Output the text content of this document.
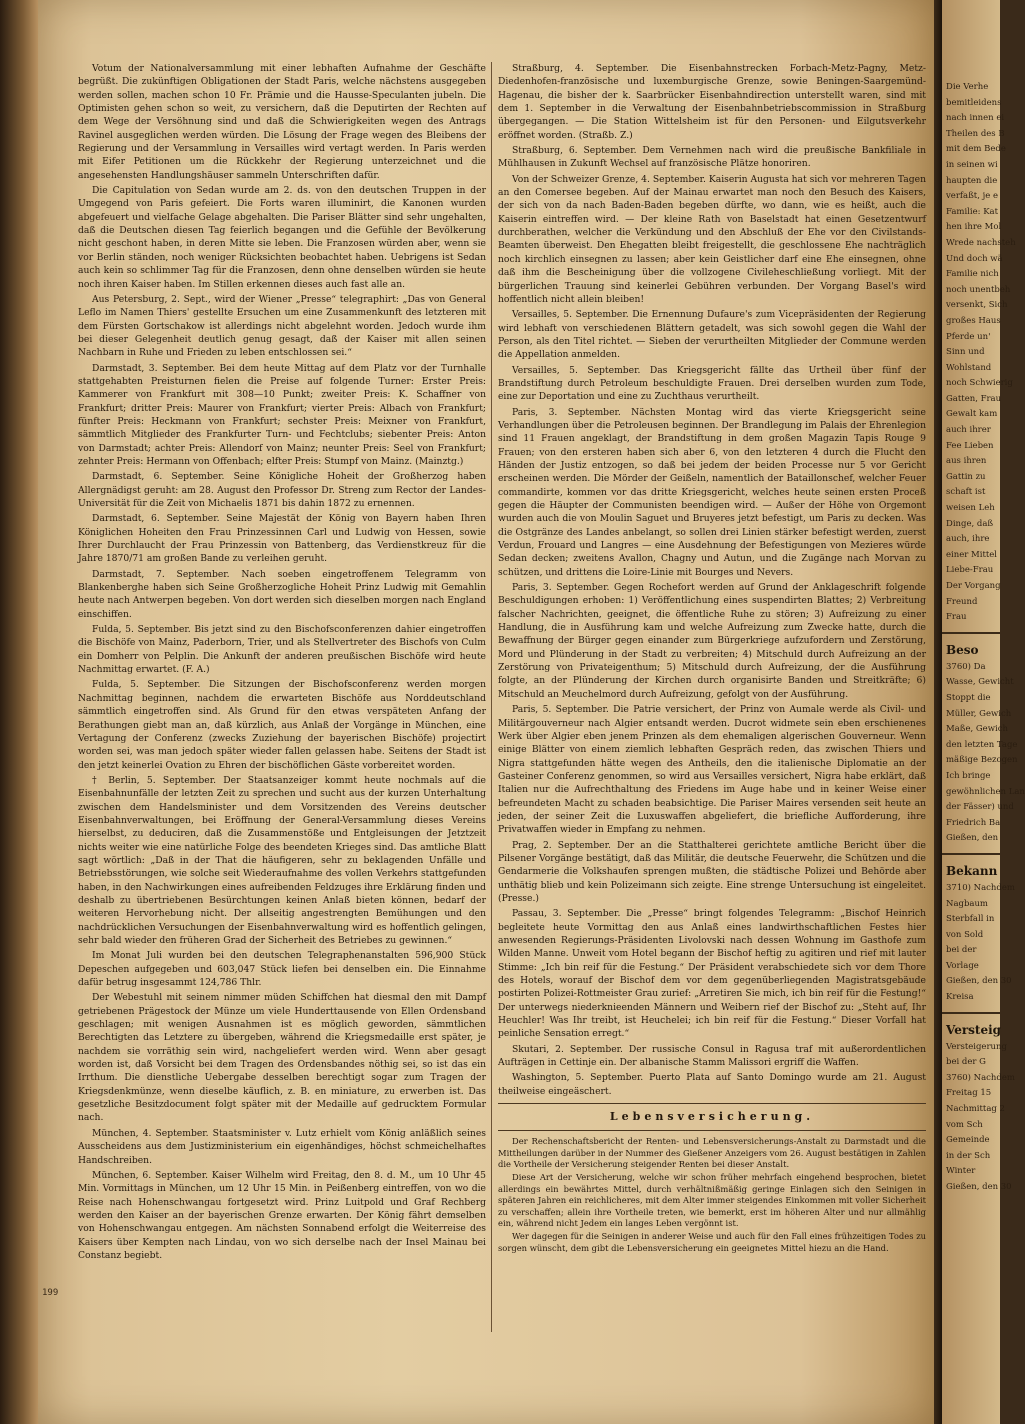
199

Votum der Nationalversammlung mit einer lebhaften Aufnahme der Geschäfte begrüßt. Die zukünftigen Obligationen der Stadt Paris, welche nächstens ausgegeben werden sollen, machen schon 10 Fr. Prämie und die Hausse-Speculanten jubeln. Die Optimisten gehen schon so weit, zu versichern, daß die Deputirten der Rechten auf dem Wege der Versöhnung sind und daß die Schwierigkeiten wegen des Antrags Ravinel ausgeglichen werden würden. Die Lösung der Frage wegen des Bleibens der Regierung und der Versammlung in Versailles wird vertagt werden. In Paris werden mit Eifer Petitionen um die Rückkehr der Regierung unterzeichnet und die angesehensten Handlungshäuser sammeln Unterschriften dafür.

Die Capitulation von Sedan wurde am 2. ds. von den deutschen Truppen in der Umgegend von Paris gefeiert. Die Forts waren illuminirt, die Kanonen wurden abgefeuert und vielfache Gelage abgehalten. Die Pariser Blätter sind sehr ungehalten, daß die Deutschen diesen Tag feierlich begangen und die Gefühle der Bevölkerung nicht geschont haben, in deren Mitte sie leben. Die Franzosen würden aber, wenn sie vor Berlin ständen, noch weniger Rücksichten beobachtet haben. Uebrigens ist Sedan auch kein so schlimmer Tag für die Franzosen, denn ohne denselben würden sie heute noch ihren Kaiser haben. Im Stillen erkennen dieses auch fast alle an.

Aus Petersburg, 2. Sept., wird der Wiener „Presse“ telegraphirt: „Das von General Leflo im Namen Thiers' gestellte Ersuchen um eine Zusammenkunft des letzteren mit dem Fürsten Gortschakow ist allerdings nicht abgelehnt worden. Jedoch wurde ihm bei dieser Gelegenheit deutlich genug gesagt, daß der Kaiser mit allen seinen Nachbarn in Ruhe und Frieden zu leben entschlossen sei.“

Darmstadt, 3. September. Bei dem heute Mittag auf dem Platz vor der Turnhalle stattgehabten Preisturnen fielen die Preise auf folgende Turner: Erster Preis: Kammerer von Frankfurt mit 308—10 Punkt; zweiter Preis: K. Schaffner von Frankfurt; dritter Preis: Maurer von Frankfurt; vierter Preis: Albach von Frankfurt; fünfter Preis: Heckmann von Frankfurt; sechster Preis: Meixner von Frankfurt, sämmtlich Mitglieder des Frankfurter Turn- und Fechtclubs; siebenter Preis: Anton von Darmstadt; achter Preis: Allendorf von Mainz; neunter Preis: Seel von Frankfurt; zehnter Preis: Hermann von Offenbach; elfter Preis: Stumpf von Mainz. (Mainztg.)

Darmstadt, 6. September. Seine Königliche Hoheit der Großherzog haben Allergnädigst geruht: am 28. August den Professor Dr. Streng zum Rector der Landes-Universität für die Zeit von Michaelis 1871 bis dahin 1872 zu ernennen.

Darmstadt, 6. September. Seine Majestät der König von Bayern haben Ihren Königlichen Hoheiten den Frau Prinzessinnen Carl und Ludwig von Hessen, sowie Ihrer Durchlaucht der Frau Prinzessin von Battenberg, das Verdienstkreuz für die Jahre 1870/71 am großen Bande zu verleihen geruht.

Darmstadt, 7. September. Nach soeben eingetroffenem Telegramm von Blankenberghe haben sich Seine Großherzogliche Hoheit Prinz Ludwig mit Gemahlin heute nach Antwerpen begeben. Von dort werden sich dieselben morgen nach England einschiffen.

Fulda, 5. September. Bis jetzt sind zu den Bischofsconferenzen dahier eingetroffen die Bischöfe von Mainz, Paderborn, Trier, und als Stellvertreter des Bischofs von Culm ein Domherr von Pelplin. Die Ankunft der anderen preußischen Bischöfe wird heute Nachmittag erwartet. (F. A.)

Fulda, 5. September. Die Sitzungen der Bischofsconferenz werden morgen Nachmittag beginnen, nachdem die erwarteten Bischöfe aus Norddeutschland sämmtlich eingetroffen sind. Als Grund für den etwas verspäteten Anfang der Berathungen giebt man an, daß kürzlich, aus Anlaß der Vorgänge in München, eine Vertagung der Conferenz (zwecks Zuziehung der bayerischen Bischöfe) projectirt worden sei, was man jedoch später wieder fallen gelassen habe. Seitens der Stadt ist den jetzt keinerlei Ovation zu Ehren der bischöflichen Gäste vorbereitet worden.

† Berlin, 5. September. Der Staatsanzeiger kommt heute nochmals auf die Eisenbahnunfälle der letzten Zeit zu sprechen und sucht aus der kurzen Unterhaltung zwischen dem Handelsminister und dem Vorsitzenden des Vereins deutscher Eisenbahnverwaltungen, bei Eröffnung der General-Versammlung dieses Vereins hierselbst, zu deduciren, daß die Zusammenstöße und Entgleisungen der Jetztzeit nichts weiter wie eine natürliche Folge des beendeten Krieges sind. Das amtliche Blatt sagt wörtlich: „Daß in der That die häufigeren, sehr zu beklagenden Unfälle und Betriebsstörungen, wie solche seit Wiederaufnahme des vollen Verkehrs stattgefunden haben, in den Nachwirkungen eines aufreibenden Feldzuges ihre Erklärung finden und deshalb zu übertriebenen Besürchtungen keinen Anlaß bieten können, bedarf der weiteren Hervorhebung nicht. Der allseitig angestrengten Bemühungen und den nachdrücklichen Versuchungen der Eisenbahnverwaltung wird es hoffentlich gelingen, sehr bald wieder den früheren Grad der Sicherheit des Betriebes zu gewinnen.“

Im Monat Juli wurden bei den deutschen Telegraphenanstalten 596,900 Stück Depeschen aufgegeben und 603,047 Stück liefen bei denselben ein. Die Einnahme dafür betrug insgesammt 124,786 Thlr.

Der Webestuhl mit seinem nimmer müden Schiffchen hat diesmal den mit Dampf getriebenen Prägestock der Münze um viele Hunderttausende von Ellen Ordensband geschlagen; mit wenigen Ausnahmen ist es möglich geworden, sämmtlichen Berechtigten das Letztere zu übergeben, während die Kriegsmedaille erst später, je nachdem sie vorräthig sein wird, nachgeliefert werden wird. Wenn aber gesagt worden ist, daß Vorsicht bei dem Tragen des Ordensbandes nöthig sei, so ist das ein Irrthum. Die dienstliche Uebergabe desselben berechtigt sogar zum Tragen der Kriegsdenkmünze, wenn dieselbe käuflich, z. B. en miniature, zu erwerben ist. Das gesetzliche Besitzdocument folgt später mit der Medaille auf gedrucktem Formular nach.

München, 4. September. Staatsminister v. Lutz erhielt vom König anläßlich seines Ausscheidens aus dem Justizministerium ein eigenhändiges, höchst schmeichelhaftes Handschreiben.

München, 6. September. Kaiser Wilhelm wird Freitag, den 8. d. M., um 10 Uhr 45 Min. Vormittags in München, um 12 Uhr 15 Min. in Peißenberg eintreffen, von wo die Reise nach Hohenschwangau fortgesetzt wird. Prinz Luitpold und Graf Rechberg werden den Kaiser an der bayerischen Grenze erwarten. Der König fährt demselben von Hohenschwangau entgegen. Am nächsten Sonnabend erfolgt die Weiterreise des Kaisers über Kempten nach Lindau, von wo sich derselbe nach der Insel Mainau bei Constanz begiebt.

Straßburg, 4. September. Die Eisenbahnstrecken Forbach-Metz-Pagny, Metz-Diedenhofen-französische und luxemburgische Grenze, sowie Beningen-Saargemünd-Hagenau, die bisher der k. Saarbrücker Eisenbahndirection unterstellt waren, sind mit dem 1. September in die Verwaltung der Eisenbahnbetriebscommission in Straßburg übergegangen. — Die Station Wittelsheim ist für den Personen- und Eilgutsverkehr eröffnet worden. (Straßb. Z.)

Straßburg, 6. September. Dem Vernehmen nach wird die preußische Bankfiliale in Mühlhausen in Zukunft Wechsel auf französische Plätze honoriren.

Von der Schweizer Grenze, 4. September. Kaiserin Augusta hat sich vor mehreren Tagen an den Comersee begeben. Auf der Mainau erwartet man noch den Besuch des Kaisers, der sich von da nach Baden-Baden begeben dürfte, wo dann, wie es heißt, auch die Kaiserin eintreffen wird. — Der kleine Rath von Baselstadt hat einen Gesetzentwurf durchberathen, welcher die Verkündung und den Abschluß der Ehe vor den Civilstands-Beamten überweist. Den Ehegatten bleibt freigestellt, die geschlossene Ehe nachträglich noch kirchlich einsegnen zu lassen; aber kein Geistlicher darf eine Ehe einsegnen, ohne daß ihm die Bescheinigung über die vollzogene Civileheschließung vorliegt. Mit der bürgerlichen Trauung sind keinerlei Gebühren verbunden. Der Vorgang Basel's wird hoffentlich nicht allein bleiben!

Versailles, 5. September. Die Ernennung Dufaure's zum Vicepräsidenten der Regierung wird lebhaft von verschiedenen Blättern getadelt, was sich sowohl gegen die Wahl der Person, als den Titel richtet. — Sieben der verurtheilten Mitglieder der Commune werden die Appellation anmelden.

Versailles, 5. September. Das Kriegsgericht fällte das Urtheil über fünf der Brandstiftung durch Petroleum beschuldigte Frauen. Drei derselben wurden zum Tode, eine zur Deportation und eine zu Zuchthaus verurtheilt.

Paris, 3. September. Nächsten Montag wird das vierte Kriegsgericht seine Verhandlungen über die Petroleusen beginnen. Der Brandlegung im Palais der Ehrenlegion sind 11 Frauen angeklagt, der Brandstiftung in dem großen Magazin Tapis Rouge 9 Frauen; von den ersteren haben sich aber 6, von den letzteren 4 durch die Flucht den Händen der Justiz entzogen, so daß bei jedem der beiden Processe nur 5 vor Gericht erscheinen werden. Die Mörder der Geißeln, namentlich der Bataillonschef, welcher Feuer commandirte, kommen vor das dritte Kriegsgericht, welches heute seinen ersten Proceß gegen die Häupter der Communisten beendigen wird. — Außer der Höhe von Orgemont wurden auch die von Moulin Saguet und Bruyeres jetzt befestigt, um Paris zu decken. Was die Ostgränze des Landes anbelangt, so sollen drei Linien stärker befestigt werden, zuerst Verdun, Frouard und Langres — eine Ausdehnung der Befestigungen von Mezieres würde Sedan decken; zweitens Avallon, Chagny und Autun, und die Zugänge nach Morvan zu schützen, und drittens die Loire-Linie mit Bourges und Nevers.

Paris, 3. September. Gegen Rochefort werden auf Grund der Anklageschrift folgende Beschuldigungen erhoben: 1) Veröffentlichung eines suspendirten Blattes; 2) Verbreitung falscher Nachrichten, geeignet, die öffentliche Ruhe zu stören; 3) Aufreizung zu einer Handlung, die in Ausführung kam und welche Aufreizung zum Zwecke hatte, durch die Bewaffnung der Bürger gegen einander zum Bürgerkriege aufzufordern und Zerstörung, Mord und Plünderung in der Stadt zu verbreiten; 4) Mitschuld durch Aufreizung an der Zerstörung von Privateigenthum; 5) Mitschuld durch Aufreizung, der die Ausführung folgte, an der Plünderung der Kirchen durch organisirte Banden und Streitkräfte; 6) Mitschuld an Meuchelmord durch Aufreizung, gefolgt von der Ausführung.

Paris, 5. September. Die Patrie versichert, der Prinz von Aumale werde als Civil- und Militärgouverneur nach Algier entsandt werden. Ducrot widmete sein eben erschienenes Werk über Algier eben jenem Prinzen als dem ehemaligen algerischen Gouverneur. Wenn einige Blätter von einem ziemlich lebhaften Gespräch reden, das zwischen Thiers und Nigra stattgefunden hätte wegen des Antheils, den die italienische Diplomatie an der Gasteiner Conferenz genommen, so wird aus Versailles versichert, Nigra habe erklärt, daß Italien nur die Aufrechthaltung des Friedens im Auge habe und in keiner Weise einer befreundeten Macht zu schaden beabsichtige. Die Pariser Maires versenden seit heute an jeden, der seiner Zeit die Luxuswaffen abgeliefert, die briefliche Aufforderung, ihre Privatwaffen wieder in Empfang zu nehmen.

Prag, 2. September. Der an die Statthalterei gerichtete amtliche Bericht über die Pilsener Vorgänge bestätigt, daß das Militär, die deutsche Feuerwehr, die Schützen und die Gendarmerie die Volkshaufen sprengen mußten, die städtische Polizei und Behörde aber unthätig blieb und kein Polizeimann sich zeigte. Eine strenge Untersuchung ist eingeleitet. (Presse.)

Passau, 3. September. Die „Presse“ bringt folgendes Telegramm: „Bischof Heinrich begleitete heute Vormittag den aus Anlaß eines landwirthschaftlichen Festes hier anwesenden Regierungs-Präsidenten Livolovski nach dessen Wohnung im Gasthofe zum Wilden Manne. Unweit vom Hotel begann der Bischof heftig zu agitiren und rief mit lauter Stimme: „Ich bin reif für die Festung.“ Der Präsident verabschiedete sich vor dem Thore des Hotels, worauf der Bischof dem vor dem gegenüberliegenden Magistratsgebäude postirten Polizei-Rottmeister Grau zurief: „Arretiren Sie mich, ich bin reif für die Festung!“ Der unterwegs niederknieenden Männern und Weibern rief der Bischof zu: „Steht auf, Ihr Heuchler! Was Ihr treibt, ist Heuchelei; ich bin reif für die Festung.“ Dieser Vorfall hat peinliche Sensation erregt.“

Skutari, 2. September. Der russische Consul in Ragusa traf mit außerordentlichen Aufträgen in Cettinje ein. Der albanische Stamm Malissori ergriff die Waffen.

Washington, 5. September. Puerto Plata auf Santo Domingo wurde am 21. August theilweise eingeäschert.

Lebensversicherung.

Der Rechenschaftsbericht der Renten- und Lebensversicherungs-Anstalt zu Darmstadt und die Mittheilungen darüber in der Nummer des Gießener Anzeigers vom 26. August bestätigen in Zahlen die Vortheile der Versicherung steigender Renten bei dieser Anstalt.

Diese Art der Versicherung, welche wir schon früher mehrfach eingehend besprochen, bietet allerdings ein bewährtes Mittel, durch verhältnißmäßig geringe Einlagen sich den Seinigen in späteren Jahren ein reichlicheres, mit dem Alter immer steigendes Einkommen mit voller Sicherheit zu verschaffen; allein ihre Vortheile treten, wie bemerkt, erst im höheren Alter und nur allmählig ein, während nicht Jedem ein langes Leben vergönnt ist.

Wer dagegen für die Seinigen in anderer Weise und auch für den Fall eines frühzeitigen Todes zu sorgen wünscht, dem gibt die Lebensversicherung ein geeignetes Mittel hiezu an die Hand.

Die Verhe
bemitleidens
nach innen ei
Theilen des B
mit dem Bede
in seinen wi
haupten die
verfaßt, je e
Familie: Kat
hen ihre Mol
Wrede nachsteh
Und doch wä
Familie nich
noch unentbeh
versenkt, Sich
großes Haus
Pferde un'
Sinn und
Wohlstand
noch Schwierig
Gatten, Frau
Gewalt kam
auch ihrer
Fee Lieben
aus ihren
Gattin zu
schaft ist
weisen Leh
Dinge, daß
auch, ihre
einer Mittel
Liebe-Frau
Der Vorgang
Freund
Frau
Beso
3760) Da
Wasse, Gewicht
Stoppt die
Müller, Gewich
Maße, Gewich
den letzten Tage
mäßige Bezogen
Ich bringe
gewöhnlichen Lan
der Fässer) und
Friedrich Ba
Gießen, den
Bekann
3710) Nachdem
Nagbaum
Sterbfall in
von Sold
bei der
Vorlage
Gießen, den 30
Kreisa
Versteig
Versteigerung
bei der G
3760) Nachdem
Freitag 15
Nachmittag 2
vom Sch
Gemeinde
in der Sch
Winter
Gießen, den 30
